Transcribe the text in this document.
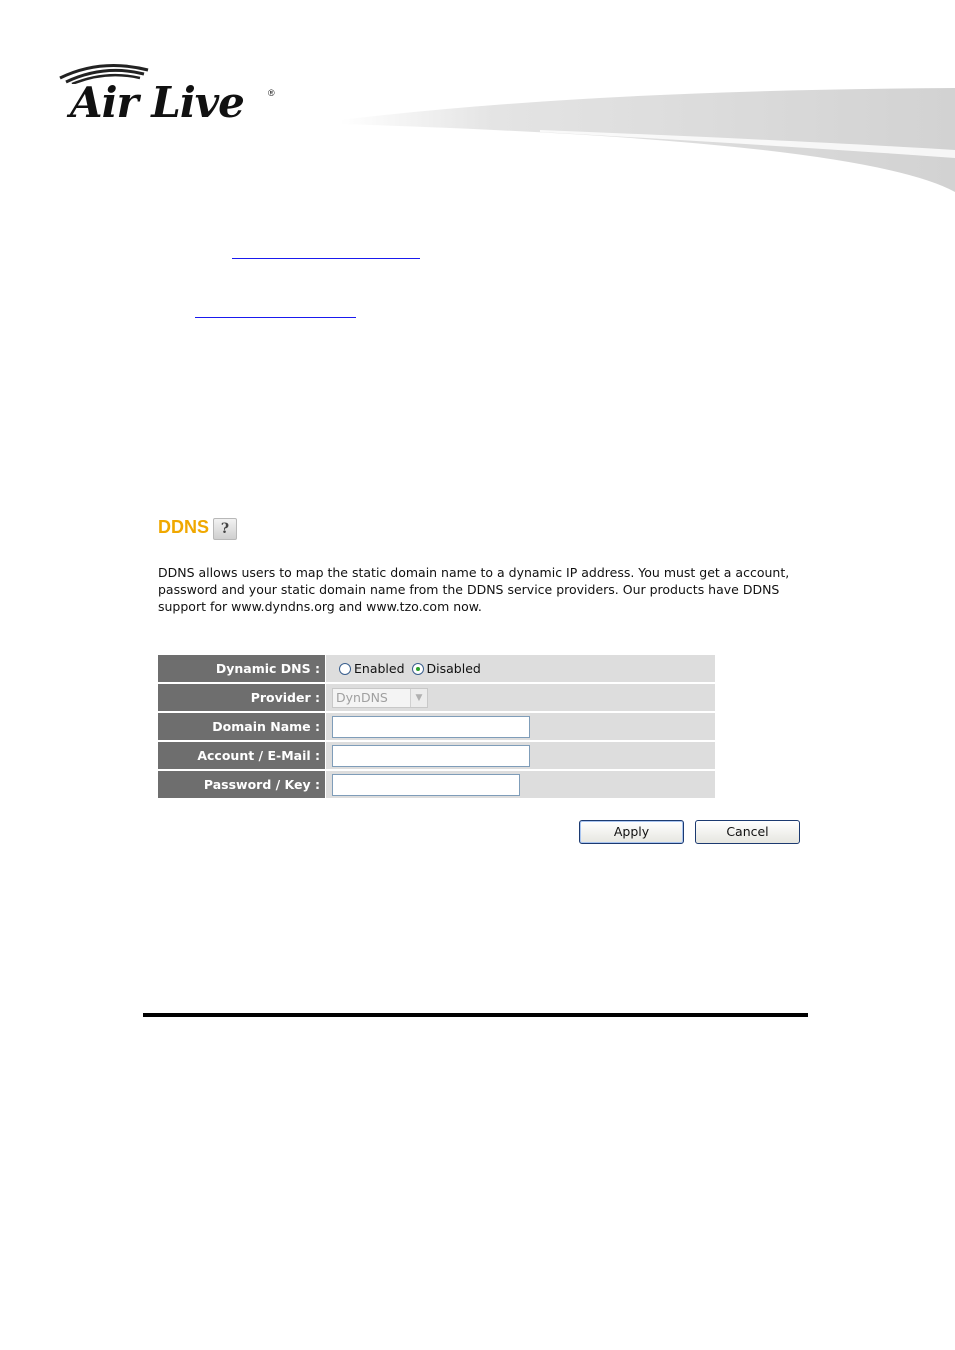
Air Live	®
DDNS ?

DDNS allows users to map the static domain name to a dynamic IP address. You must get a account, password and your static domain name from the DDNS service providers. Our products have DDNS support for www.dyndns.org and www.tzo.com now.

Dynamic DNS :	Enabled Disabled
Provider :	DynDNS	▼
Domain Name :
Account / E-Mail :
Password / Key :
Apply	Cancel
